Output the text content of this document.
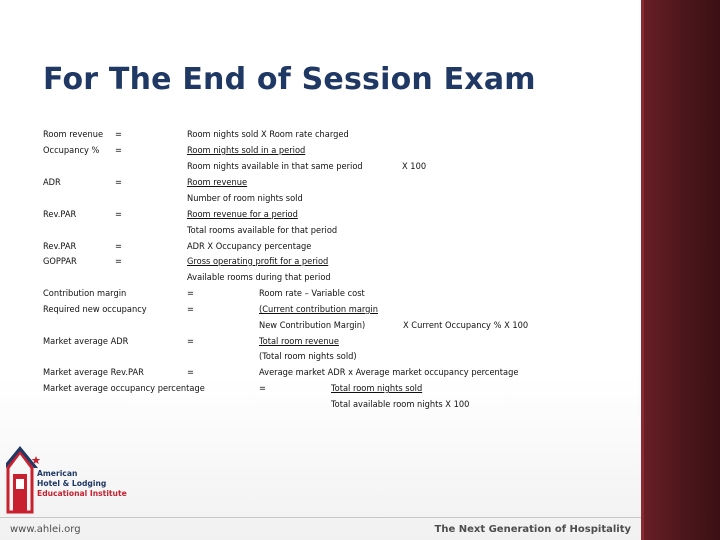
For The End of Session Exam
Room revenue =	Room nights sold X Room rate charged
Occupancy % =	Room nights sold in a period
Room nights available in that same period	X 100
ADR	=	Room revenue
Number of room nights sold
Rev.PAR	=	Room revenue for a period
Total rooms available for that period
Rev.PAR	=	ADR X Occupancy percentage
GOPPAR	=	Gross operating profit for a period
Available rooms during that period
Contribution margin	=	Room rate – Variable cost
Required new occupancy	=	(Current contribution margin
New Contribution Margin)	X Current Occupancy % X 100
Market average ADR	=	Total room revenue
(Total room nights sold)
Market average Rev.PAR	=	Average market ADR x Average market occupancy percentage
Market average occupancy percentage	=	Total room nights sold
Total available room nights X 100
American
Hotel & Lodging
Educational Institute
www.ahlei.org	The Next Generation of Hospitality
